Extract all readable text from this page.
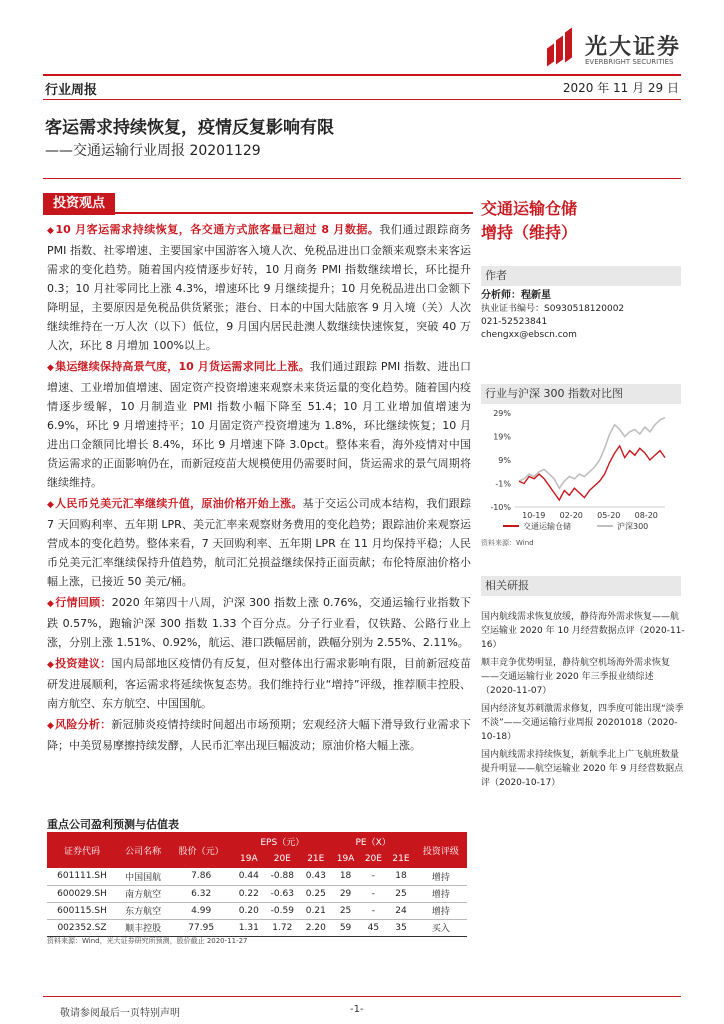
光大证券
EVERBRIGHT SECURITIES
行业周报	2020 年 11 月 29 日
客运需求持续恢复，疫情反复影响有限
——交通运输行业周报 20201129
投资观点

◆10 月客运需求持续恢复，各交通方式旅客量已超过 8 月数据。我们通过跟踪商务 PMI 指数、社零增速、主要国家中国游客入境人次、免税品进出口金额来观察未来客运需求的变化趋势。随着国内疫情逐步好转，10 月商务 PMI 指数继续增长，环比提升 0.3；10 月社零同比上涨 4.3%，增速环比 9 月继续提升；10 月免税品进出口金额下降明显，主要原因是免税品供货紧张；港台、日本的中国大陆旅客 9 月入境（关）人次继续维持在一万人次（以下）低位，9 月国内居民赴澳人数继续快速恢复，突破 40 万人次，环比 8 月增加 100%以上。

◆集运继续保持高景气度，10 月货运需求同比上涨。我们通过跟踪 PMI 指数、进出口增速、工业增加值增速、固定资产投资增速来观察未来货运量的变化趋势。随着国内疫情逐步缓解，10 月制造业 PMI 指数小幅下降至 51.4；10 月工业增加值增速为 6.9%，环比 9 月增速持平；10 月固定资产投资增速为 1.8%，环比继续恢复；10 月进出口金额同比增长 8.4%，环比 9 月增速下降 3.0pct。整体来看，海外疫情对中国货运需求的正面影响仍在，而新冠疫苗大规模使用仍需要时间，货运需求的景气周期将继续维持。

◆人民币兑美元汇率继续升值，原油价格开始上涨。基于交运公司成本结构，我们跟踪 7 天回购利率、五年期 LPR、美元汇率来观察财务费用的变化趋势；跟踪油价来观察运营成本的变化趋势。整体来看，7 天回购利率、五年期 LPR 在 11 月均保持平稳；人民币兑美元汇率继续保持升值趋势，航司汇兑损益继续保持正面贡献；布伦特原油价格小幅上涨，已接近 50 美元/桶。

◆行情回顾：2020 年第四十八周，沪深 300 指数上涨 0.76%，交通运输行业指数下跌 0.57%，跑输沪深 300 指数 1.33 个百分点。分子行业看，仅铁路、公路行业上涨，分别上涨 1.51%、0.92%，航运、港口跌幅居前，跌幅分别为 2.55%、2.11%。

◆投资建议：国内局部地区疫情仍有反复，但对整体出行需求影响有限，目前新冠疫苗研发进展顺利，客运需求将延续恢复态势。我们维持行业“增持”评级，推荐顺丰控股、南方航空、东方航空、中国国航。

◆风险分析：新冠肺炎疫情持续时间超出市场预期；宏观经济大幅下滑导致行业需求下降；中美贸易摩擦持续发酵，人民币汇率出现巨幅波动；原油价格大幅上涨。

重点公司盈利预测与估值表
证券代码	公司名称	股价（元）	EPS（元）			PE（X）			投资评级
			19A	20E	21E	19A	20E	21E	
601111.SH	中国国航	7.86	0.44	-0.88	0.43	18	-	18	增持
600029.SH	南方航空	6.32	0.22	-0.63	0.25	29	-	25	增持
600115.SH	东方航空	4.99	0.20	-0.59	0.21	25	-	24	增持
002352.SZ	顺丰控股	77.95	1.31	1.72	2.20	59	45	35	买入
资料来源：Wind，光大证券研究所预测，股价截止 2020-11-27
交通运输仓储
增持（维持）
作者
分析师：程新星
执业证书编号：S0930518120002
021-52523841
chengxx@ebscn.com
行业与沪深 300 指数对比图
29%
19%
9%
-1%
-10%
10-19 02-20 05-20 08-20
交通运输仓储	沪深300
资料来源：Wind
相关研报
国内航线需求恢复放缓，静待海外需求恢复——航空运输业 2020 年 10 月经营数据点评（2020-11-16）
顺丰竞争优势明显，静待航空机场海外需求恢复——交通运输行业 2020 年三季报业绩综述（2020-11-07）
国内经济复苏刺激需求修复，四季度可能出现“淡季不淡”——交通运输行业周报 20201018（2020-10-18）
国内航线需求持续恢复，新航季北上广飞航班数量提升明显——航空运输业 2020 年 9 月经营数据点评（2020-10-17）
敬请参阅最后一页特别声明	-1-
